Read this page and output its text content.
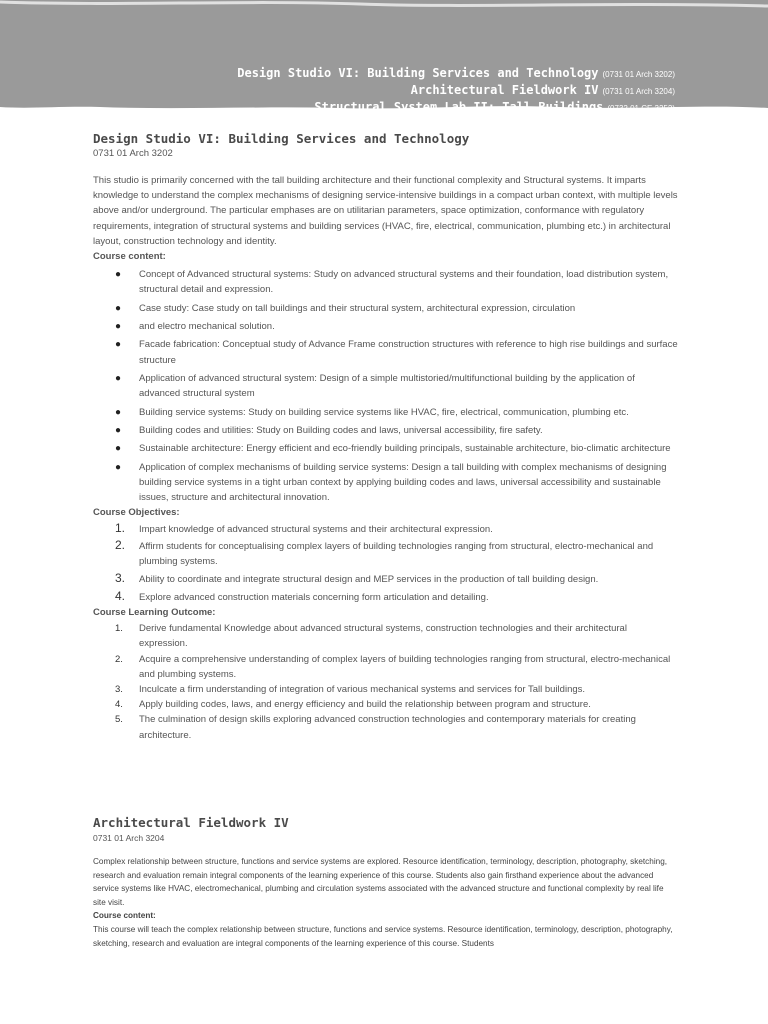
Design Studio VI: Building Services and Technology (0731 01 Arch 3202)
Architectural Fieldwork IV (0731 01 Arch 3204)
Structural System Lab II: Tall Buildings (0732 01 CE 3252)
Design Studio VI: Building Services and Technology
0731 01 Arch 3202
This studio is primarily concerned with the tall building architecture and their functional complexity and Structural systems. It imparts knowledge to understand the complex mechanisms of designing service-intensive buildings in a compact urban context, with multiple levels above and/or underground. The particular emphases are on utilitarian parameters, space optimization, conformance with regulatory requirements, integration of structural systems and building services (HVAC, fire, electrical, communication, plumbing etc.) in architectural layout, construction technology and identity.
Course content:
● Concept of Advanced structural systems: Study on advanced structural systems and their foundation, load distribution system, structural detail and expression.
● Case study: Case study on tall buildings and their structural system, architectural expression, circulation
● and electro mechanical solution.
● Facade fabrication: Conceptual study of Advance Frame construction structures with reference to high rise buildings and surface structure
● Application of advanced structural system: Design of a simple multistoried/multifunctional building by the application of advanced structural system
● Building service systems: Study on building service systems like HVAC, fire, electrical, communication, plumbing etc.
● Building codes and utilities: Study on Building codes and laws, universal accessibility, fire safety.
● Sustainable architecture: Energy efficient and eco-friendly building principals, sustainable architecture, bio-climatic architecture
● Application of complex mechanisms of building service systems: Design a tall building with complex mechanisms of designing building service systems in a tight urban context by applying building codes and laws, universal accessibility and sustainable issues, structure and architectural innovation.
Course Objectives:
1. Impart knowledge of advanced structural systems and their architectural expression.
2. Affirm students for conceptualising complex layers of building technologies ranging from structural, electro-mechanical and plumbing systems.
3. Ability to coordinate and integrate structural design and MEP services in the production of tall building design.
4. Explore advanced construction materials concerning form articulation and detailing.
Course Learning Outcome:
1. Derive fundamental Knowledge about advanced structural systems, construction technologies and their architectural expression.
2. Acquire a comprehensive understanding of complex layers of building technologies ranging from structural, electro-mechanical and plumbing systems.
3. Inculcate a firm understanding of integration of various mechanical systems and services for Tall buildings.
4. Apply building codes, laws, and energy efficiency and build the relationship between program and structure.
5. The culmination of design skills exploring advanced construction technologies and contemporary materials for creating architecture.
Architectural Fieldwork IV
0731 01 Arch 3204
Complex relationship between structure, functions and service systems are explored. Resource identification, terminology, description, photography, sketching, research and evaluation remain integral components of the learning experience of this course. Students also gain firsthand experience about the advanced service systems like HVAC, electromechanical, plumbing and circulation systems associated with the advanced structure and functional complexity by real life site visit.
Course content:
This course will teach the complex relationship between structure, functions and service systems. Resource identification, terminology, description, photography, sketching, research and evaluation are integral components of the learning experience of this course. Students
